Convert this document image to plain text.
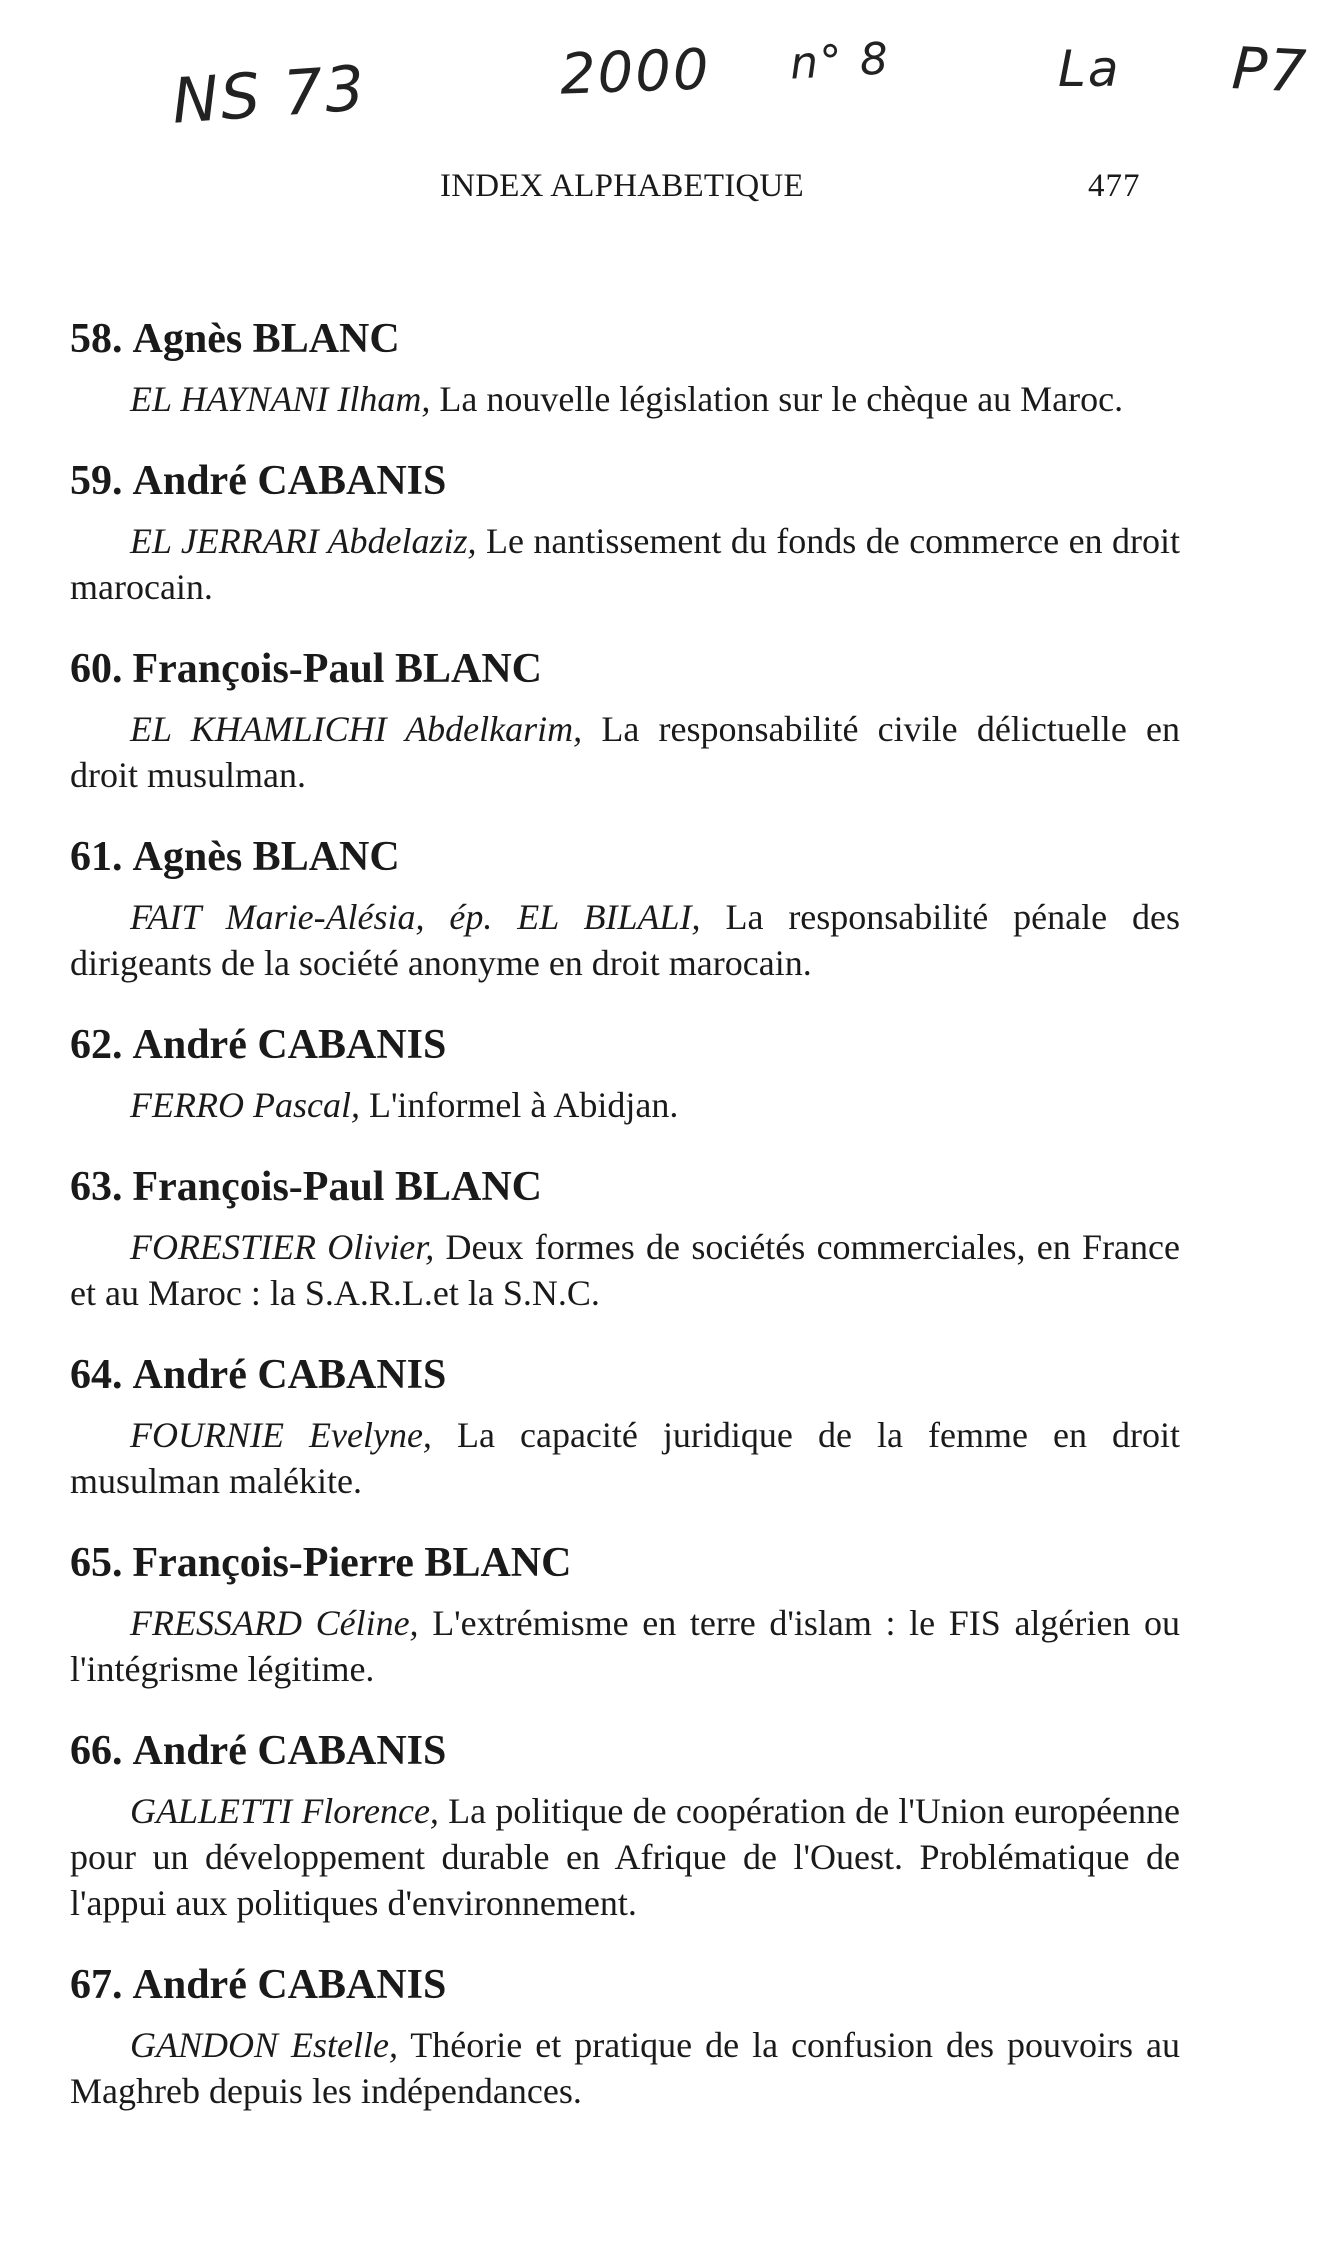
NS 73	2000 n° 8	La P7
INDEX ALPHABETIQUE	477
58. Agnès BLANC

EL HAYNANI Ilham, La nouvelle législation sur le chèque au Maroc.

59. André CABANIS

EL JERRARI Abdelaziz, Le nantissement du fonds de commerce en droit marocain.

60. François-Paul BLANC

EL KHAMLICHI Abdelkarim, La responsabilité civile délictuelle en droit musulman.

61. Agnès BLANC

FAIT Marie-Alésia, ép. EL BILALI, La responsabilité pénale des dirigeants de la société anonyme en droit marocain.

62. André CABANIS

FERRO Pascal, L'informel à Abidjan.

63. François-Paul BLANC

FORESTIER Olivier, Deux formes de sociétés commerciales, en France et au Maroc : la S.A.R.L.et la S.N.C.

64. André CABANIS

FOURNIE Evelyne, La capacité juridique de la femme en droit musulman malékite.

65. François-Pierre BLANC

FRESSARD Céline, L'extrémisme en terre d'islam : le FIS algérien ou l'intégrisme légitime.

66. André CABANIS

GALLETTI Florence, La politique de coopération de l'Union européenne pour un développement durable en Afrique de l'Ouest. Problématique de l'appui aux politiques d'environnement.

67. André CABANIS

GANDON Estelle, Théorie et pratique de la confusion des pouvoirs au Maghreb depuis les indépendances.
